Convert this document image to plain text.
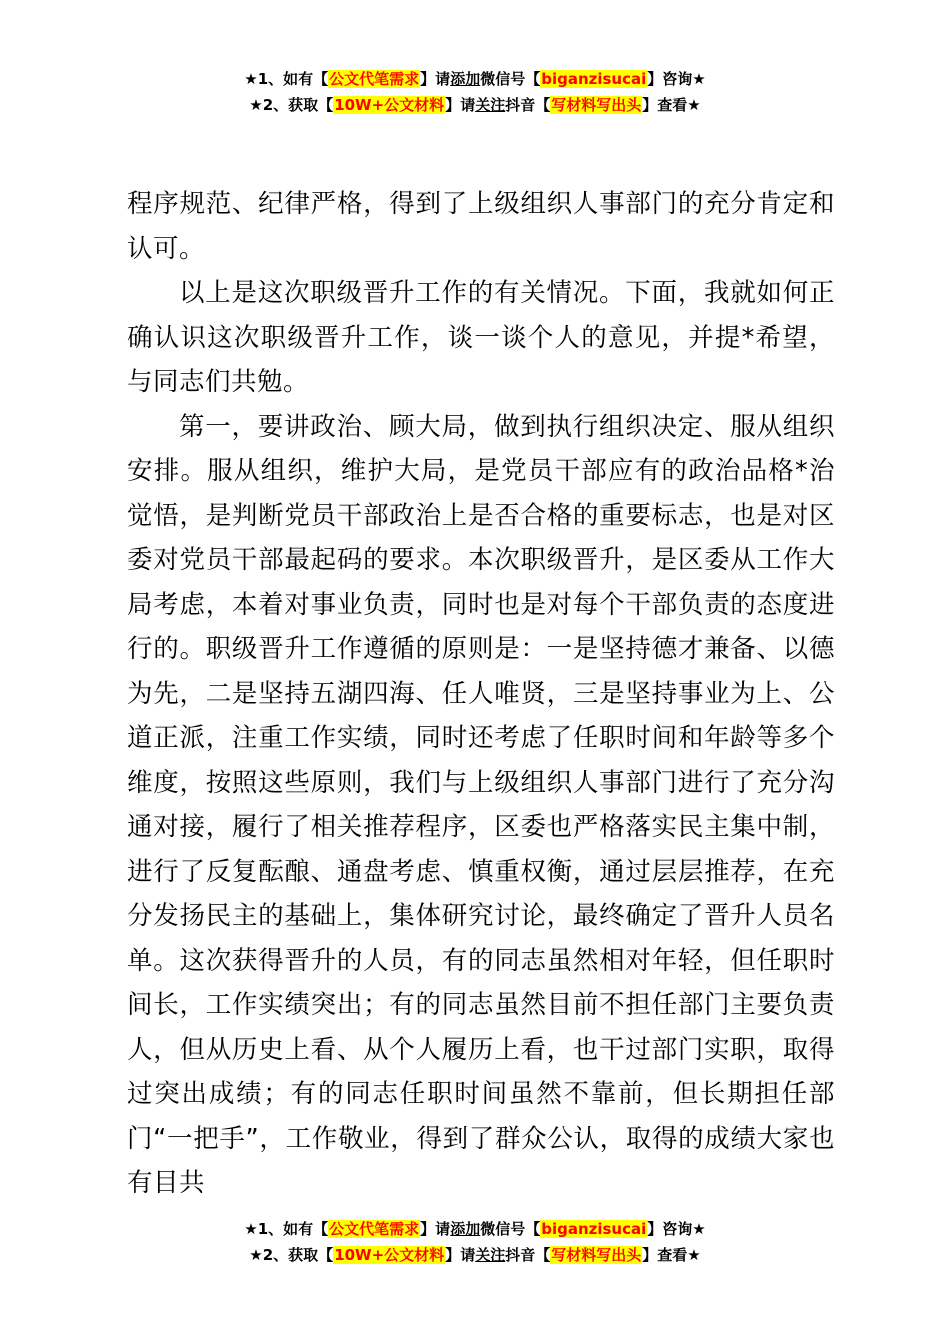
★1、如有【公文代笔需求】请添加微信号【biganzisucai】咨询★
★2、获取【10W+公文材料】请关注抖音【写材料写出头】查看★

程序规范、纪律严格，得到了上级组织人事部门的充分肯定和认可。

以上是这次职级晋升工作的有关情况。下面，我就如何正确认识这次职级晋升工作，谈一谈个人的意见，并提*希望，与同志们共勉。

第一，要讲政治、顾大局，做到执行组织决定、服从组织安排。服从组织，维护大局，是党员干部应有的政治品格*治觉悟，是判断党员干部政治上是否合格的重要标志，也是对区委对党员干部最起码的要求。本次职级晋升，是区委从工作大局考虑，本着对事业负责，同时也是对每个干部负责的态度进行的。职级晋升工作遵循的原则是：一是坚持德才兼备、以德为先，二是坚持五湖四海、任人唯贤，三是坚持事业为上、公道正派，注重工作实绩，同时还考虑了任职时间和年龄等多个维度，按照这些原则，我们与上级组织人事部门进行了充分沟通对接，履行了相关推荐程序，区委也严格落实民主集中制，进行了反复酝酿、通盘考虑、慎重权衡，通过层层推荐，在充分发扬民主的基础上，集体研究讨论，最终确定了晋升人员名单。这次获得晋升的人员，有的同志虽然相对年轻，但任职时间长，工作实绩突出；有的同志虽然目前不担任部门主要负责人，但从历史上看、从个人履历上看，也干过部门实职，取得过突出成绩；有的同志任职时间虽然不靠前，但长期担任部门“一把手”，工作敬业，得到了群众公认，取得的成绩大家也有目共

★1、如有【公文代笔需求】请添加微信号【biganzisucai】咨询★
★2、获取【10W+公文材料】请关注抖音【写材料写出头】查看★
